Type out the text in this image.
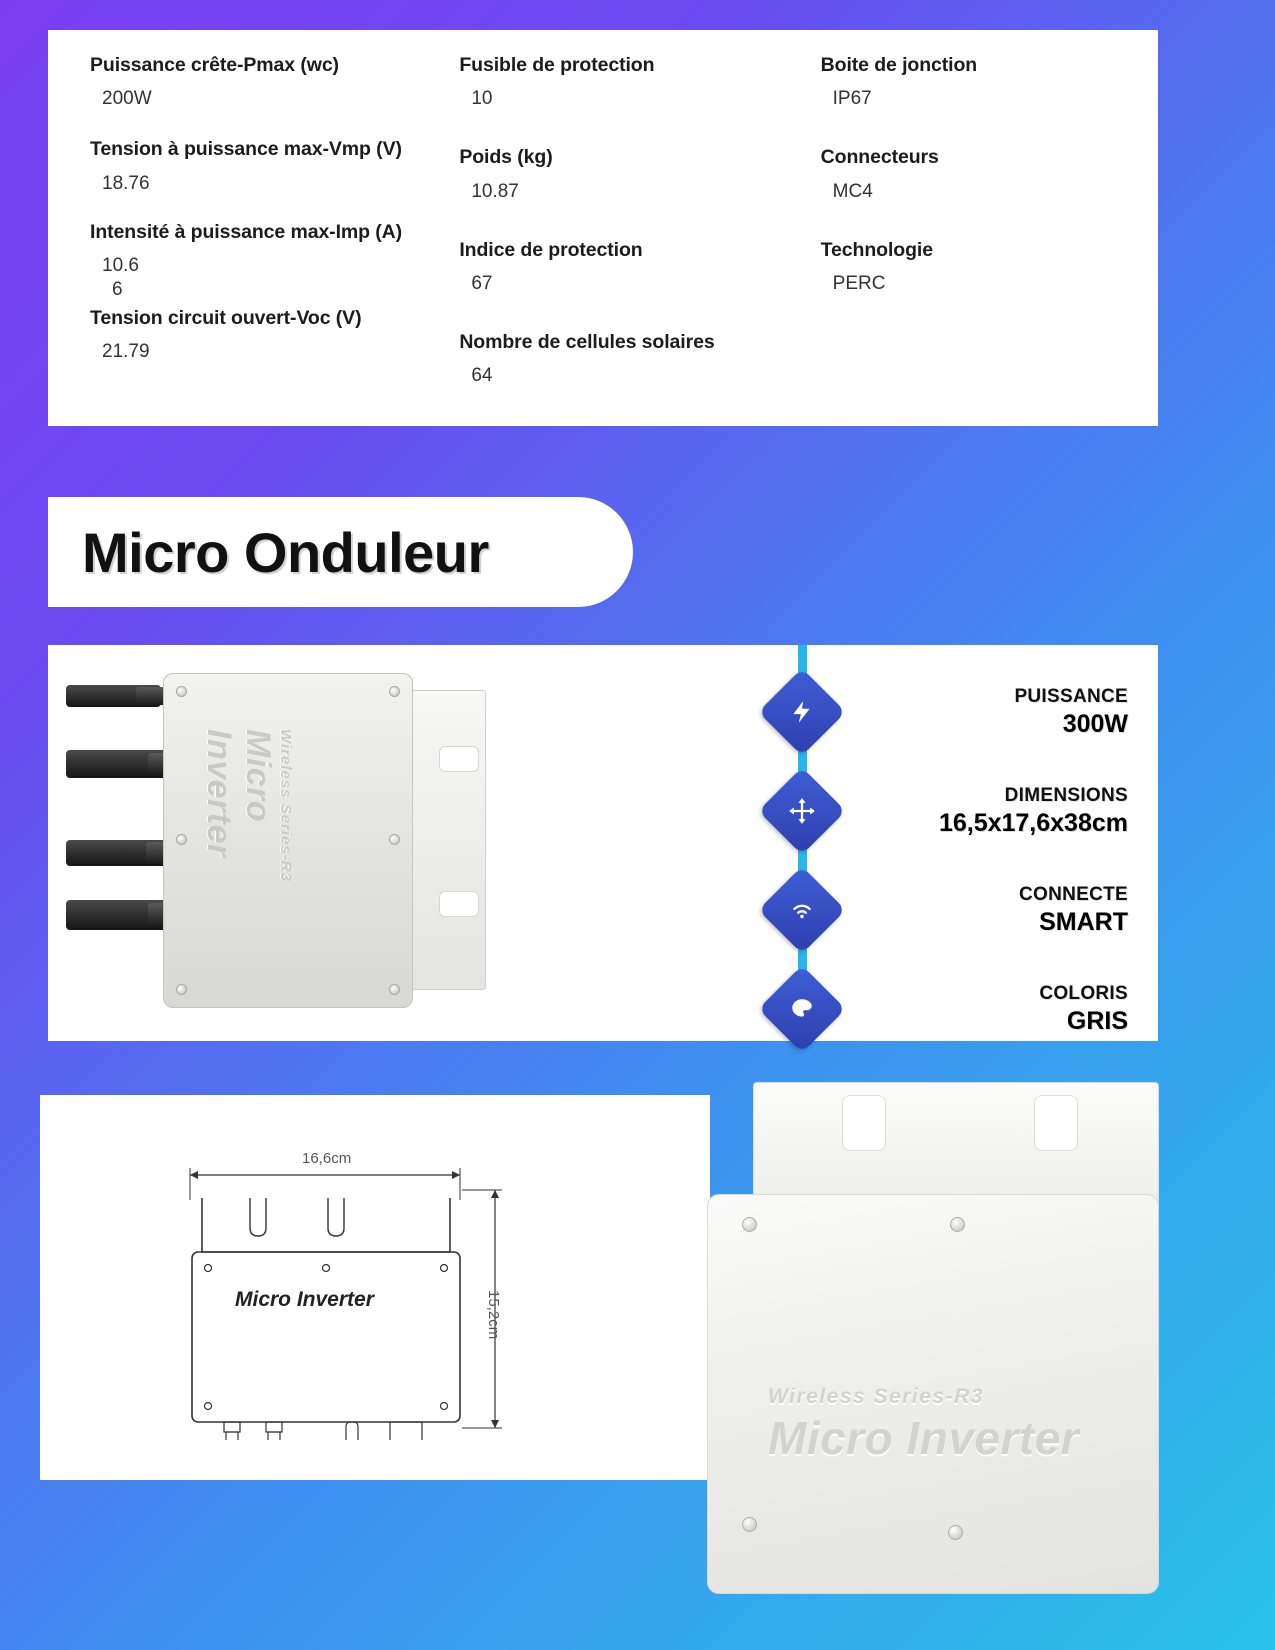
Puissance crête-Pmax (wc)
200W
Tension à puissance max-Vmp (V)
18.76
Intensité à puissance max-Imp (A)
10.6
6
Tension circuit ouvert-Voc (V)
21.79
Fusible de protection
10
Poids (kg)
10.87
Indice de protection
67
Nombre de cellules solaires
64
Boite de jonction
IP67
Connecteurs
MC4
Technologie
PERC
Micro Onduleur
Wireless Series-R3
Micro Inverter
PUISSANCE
300W
DIMENSIONS
16,5x17,6x38cm
CONNECTE
SMART
COLORIS
GRIS
16,6cm
15,2cm
Micro Inverter
Wireless Series-R3
Micro Inverter
